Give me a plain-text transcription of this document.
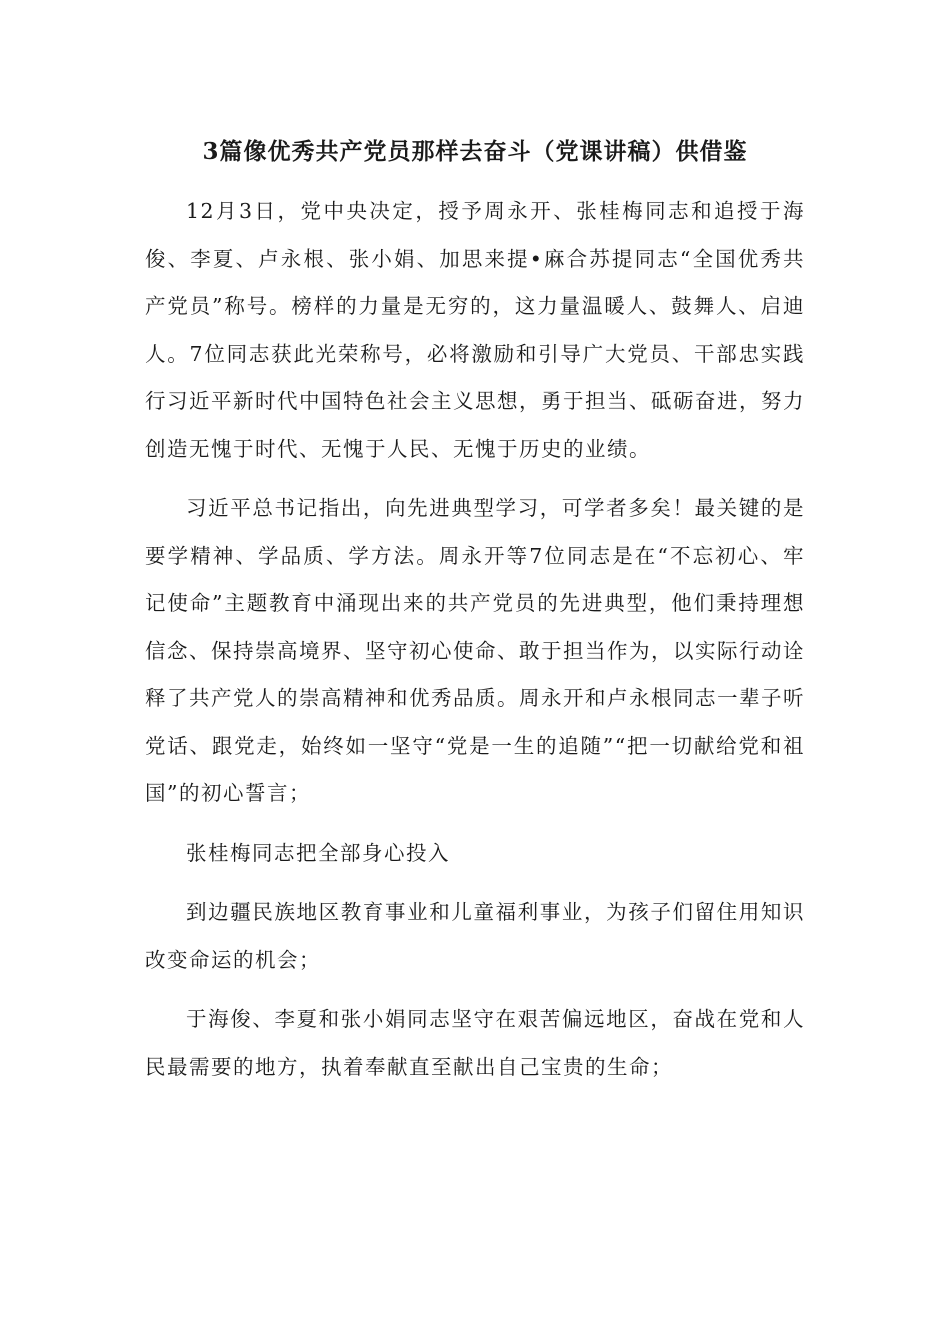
3篇像优秀共产党员那样去奋斗（党课讲稿）供借鉴

12月3日，党中央决定，授予周永开、张桂梅同志和追授于海俊、李夏、卢永根、张小娟、加思来提•麻合苏提同志“全国优秀共产党员”称号。榜样的力量是无穷的，这力量温暖人、鼓舞人、启迪人。7位同志获此光荣称号，必将激励和引导广大党员、干部忠实践行习近平新时代中国特色社会主义思想，勇于担当、砥砺奋进，努力创造无愧于时代、无愧于人民、无愧于历史的业绩。

习近平总书记指出，向先进典型学习，可学者多矣！最关键的是要学精神、学品质、学方法。周永开等7位同志是在“不忘初心、牢记使命”主题教育中涌现出来的共产党员的先进典型，他们秉持理想信念、保持崇高境界、坚守初心使命、敢于担当作为，以实际行动诠释了共产党人的崇高精神和优秀品质。周永开和卢永根同志一辈子听党话、跟党走，始终如一坚守“党是一生的追随”“把一切献给党和祖国”的初心誓言；

张桂梅同志把全部身心投入

到边疆民族地区教育事业和儿童福利事业，为孩子们留住用知识改变命运的机会；

于海俊、李夏和张小娟同志坚守在艰苦偏远地区，奋战在党和人民最需要的地方，执着奉献直至献出自己宝贵的生命；
